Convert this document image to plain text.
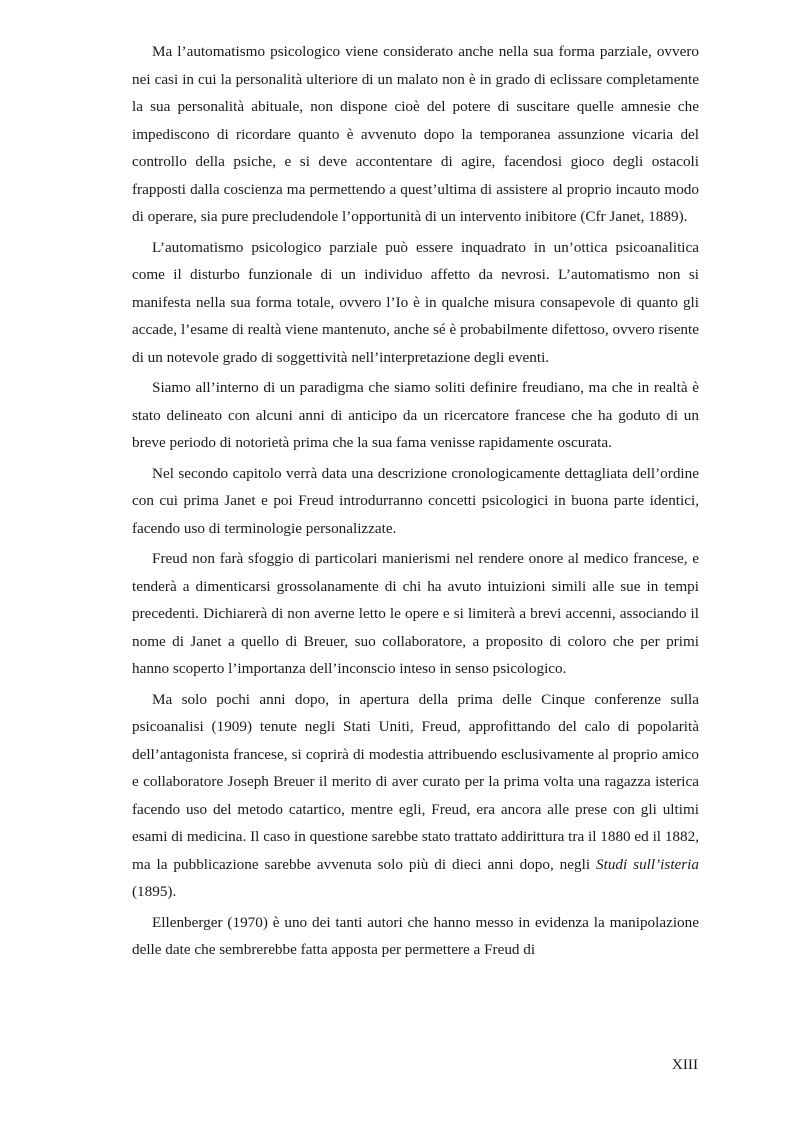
Ma l’automatismo psicologico viene considerato anche nella sua forma parziale, ovvero nei casi in cui la personalità ulteriore di un malato non è in grado di eclissare completamente la sua personalità abituale, non dispone cioè del potere di suscitare quelle amnesie che impediscono di ricordare quanto è avvenuto dopo la temporanea assunzione vicaria del controllo della psiche, e si deve accontentare di agire, facendosi gioco degli ostacoli frapposti dalla coscienza ma permettendo a quest’ultima di assistere al proprio incauto modo di operare, sia pure precludendole l’opportunità di un intervento inibitore (Cfr Janet, 1889).

L’automatismo psicologico parziale può essere inquadrato in un’ottica psicoanalitica come il disturbo funzionale di un individuo affetto da nevrosi. L’automatismo non si manifesta nella sua forma totale, ovvero l’Io è in qualche misura consapevole di quanto gli accade, l’esame di realtà viene mantenuto, anche sé è probabilmente difettoso, ovvero risente di un notevole grado di soggettività nell’interpretazione degli eventi.

Siamo all’interno di un paradigma che siamo soliti definire freudiano, ma che in realtà è stato delineato con alcuni anni di anticipo da un ricercatore francese che ha goduto di un breve periodo di notorietà prima che la sua fama venisse rapidamente oscurata.

Nel secondo capitolo verrà data una descrizione cronologicamente dettagliata dell’ordine con cui prima Janet e poi Freud introdurranno concetti psicologici in buona parte identici, facendo uso di terminologie personalizzate.

Freud non farà sfoggio di particolari manierismi nel rendere onore al medico francese, e tenderà a dimenticarsi grossolanamente di chi ha avuto intuizioni simili alle sue in tempi precedenti. Dichiarerà di non averne letto le opere e si limiterà a brevi accenni, associando il nome di Janet a quello di Breuer, suo collaboratore, a proposito di coloro che per primi hanno scoperto l’importanza dell’inconscio inteso in senso psicologico.

Ma solo pochi anni dopo, in apertura della prima delle Cinque conferenze sulla psicoanalisi (1909) tenute negli Stati Uniti, Freud, approfittando del calo di popolarità dell’antagonista francese, si coprirà di modestia attribuendo esclusivamente al proprio amico e collaboratore Joseph Breuer il merito di aver curato per la prima volta una ragazza isterica facendo uso del metodo catartico, mentre egli, Freud, era ancora alle prese con gli ultimi esami di medicina. Il caso in questione sarebbe stato trattato addirittura tra il 1880 ed il 1882, ma la pubblicazione sarebbe avvenuta solo più di dieci anni dopo, negli Studi sull’isteria (1895).

Ellenberger (1970) è uno dei tanti autori che hanno messo in evidenza la manipolazione delle date che sembrerebbe fatta apposta per permettere a Freud di

XIII
